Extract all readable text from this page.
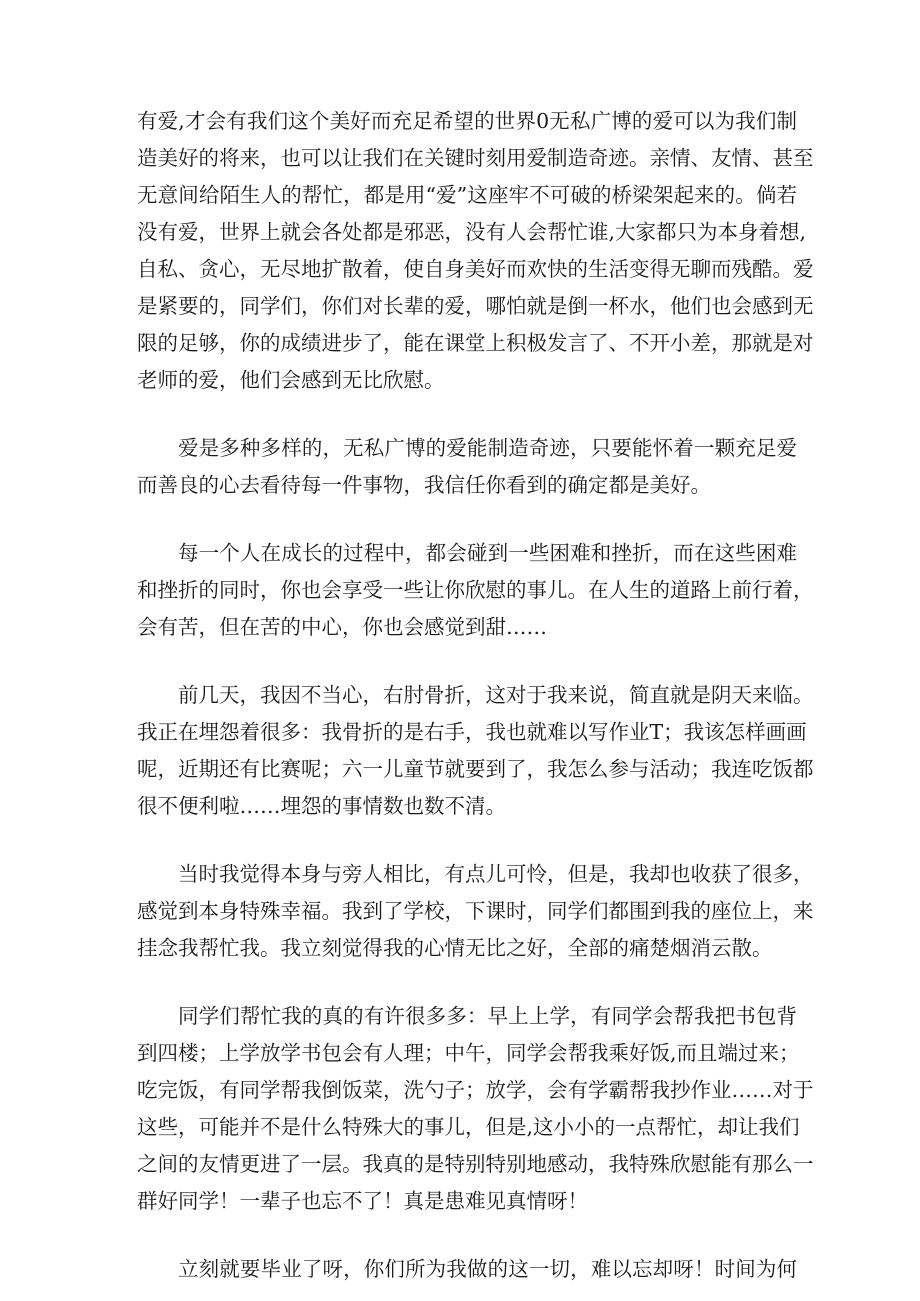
有爱,才会有我们这个美好而充足希望的世界0无私广博的爱可以为我们制
造美好的将来，也可以让我们在关键时刻用爱制造奇迹。亲情、友情、甚至
无意间给陌生人的帮忙，都是用“爱”这座牢不可破的桥梁架起来的。倘若
没有爱，世界上就会各处都是邪恶，没有人会帮忙谁,大家都只为本身着想,
自私、贪心，无尽地扩散着，使自身美好而欢快的生活变得无聊而残酷。爱
是紧要的，同学们，你们对长辈的爱，哪怕就是倒一杯水，他们也会感到无
限的足够，你的成绩进步了，能在课堂上积极发言了、不开小差，那就是对
老师的爱，他们会感到无比欣慰。
爱是多种多样的，无私广博的爱能制造奇迹，只要能怀着一颗充足爱
而善良的心去看待每一件事物，我信任你看到的确定都是美好。
每一个人在成长的过程中，都会碰到一些困难和挫折，而在这些困难
和挫折的同时，你也会享受一些让你欣慰的事儿。在人生的道路上前行着，
会有苦，但在苦的中心，你也会感觉到甜……
前几天，我因不当心，右肘骨折，这对于我来说，简直就是阴天来临。
我正在埋怨着很多：我骨折的是右手，我也就难以写作业T；我该怎样画画
呢，近期还有比赛呢；六一儿童节就要到了，我怎么参与活动；我连吃饭都
很不便利啦……埋怨的事情数也数不清。
当时我觉得本身与旁人相比，有点儿可怜，但是，我却也收获了很多，
感觉到本身特殊幸福。我到了学校，下课时，同学们都围到我的座位上，来
挂念我帮忙我。我立刻觉得我的心情无比之好，全部的痛楚烟消云散。
同学们帮忙我的真的有许很多多：早上上学，有同学会帮我把书包背
到四楼；上学放学书包会有人理；中午，同学会帮我乘好饭,而且端过来；
吃完饭，有同学帮我倒饭菜，洗勺子；放学，会有学霸帮我抄作业……对于
这些，可能并不是什么特殊大的事儿，但是,这小小的一点帮忙，却让我们
之间的友情更进了一层。我真的是特别特别地感动，我特殊欣慰能有那么一
群好同学！一辈子也忘不了！真是患难见真情呀！
立刻就要毕业了呀，你们所为我做的这一切，难以忘却呀！时间为何
